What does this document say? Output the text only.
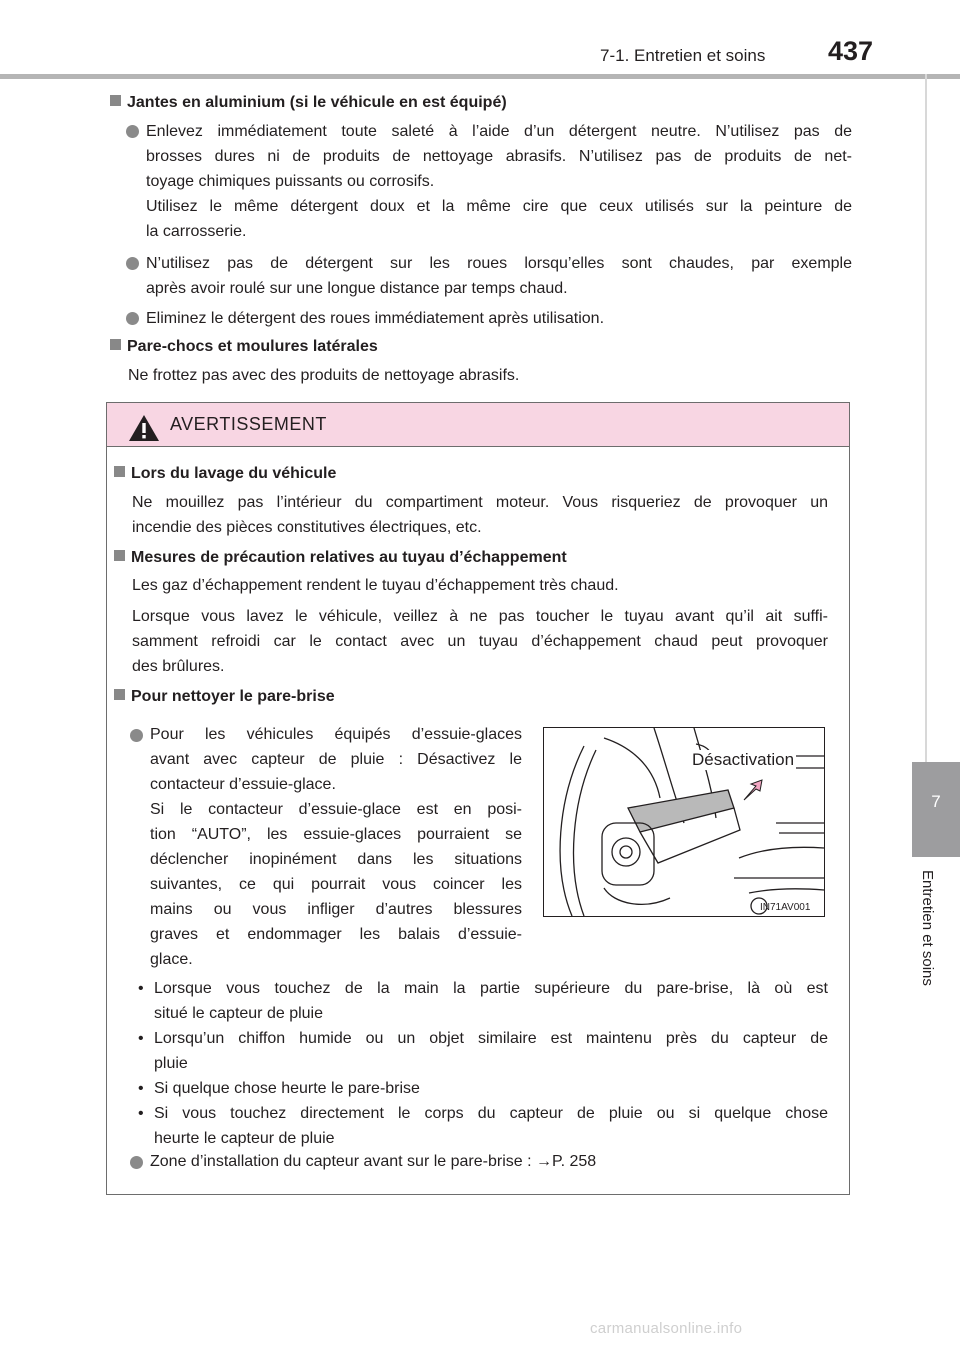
7-1. Entretien et soins 437
7
Entretien et soins
Jantes en aluminium (si le véhicule en est équipé)
Enlevez immédiatement toute saleté à l’aide d’un détergent neutre. N’utilisez pas de
brosses dures ni de produits de nettoyage abrasifs. N’utilisez pas de produits de net-
toyage chimiques puissants ou corrosifs.
Utilisez le même détergent doux et la même cire que ceux utilisés sur la peinture de
la carrosserie.
N’utilisez pas de détergent sur les roues lorsqu’elles sont chaudes, par exemple
après avoir roulé sur une longue distance par temps chaud.
Eliminez le détergent des roues immédiatement après utilisation.
Pare-chocs et moulures latérales
Ne frottez pas avec des produits de nettoyage abrasifs.
AVERTISSEMENT
Lors du lavage du véhicule
Ne mouillez pas l’intérieur du compartiment moteur. Vous risqueriez de provoquer un
incendie des pièces constitutives électriques, etc.
Mesures de précaution relatives au tuyau d’échappement
Les gaz d’échappement rendent le tuyau d’échappement très chaud.
Lorsque vous lavez le véhicule, veillez à ne pas toucher le tuyau avant qu’il ait suffi-
samment refroidi car le contact avec un tuyau d’échappement chaud peut provoquer
des brûlures.
Pour nettoyer le pare-brise
Pour les véhicules équipés d’essuie-glaces
avant avec capteur de pluie : Désactivez le
contacteur d’essuie-glace.
Si le contacteur d’essuie-glace est en posi-
tion “AUTO”, les essuie-glaces pourraient se
déclencher inopinément dans les situations
suivantes, ce qui pourrait vous coincer les
mains ou vous infliger d’autres blessures
graves et endommager les balais d’essuie-
glace.
Désactivation
IN71AV001
• Lorsque vous touchez de la main la partie supérieure du pare-brise, là où est
situé le capteur de pluie
• Lorsqu’un chiffon humide ou un objet similaire est maintenu près du capteur de
pluie
• Si quelque chose heurte le pare-brise
• Si vous touchez directement le corps du capteur de pluie ou si quelque chose
heurte le capteur de pluie
Zone d’installation du capteur avant sur le pare-brise : →P. 258
carmanualsonline.info
